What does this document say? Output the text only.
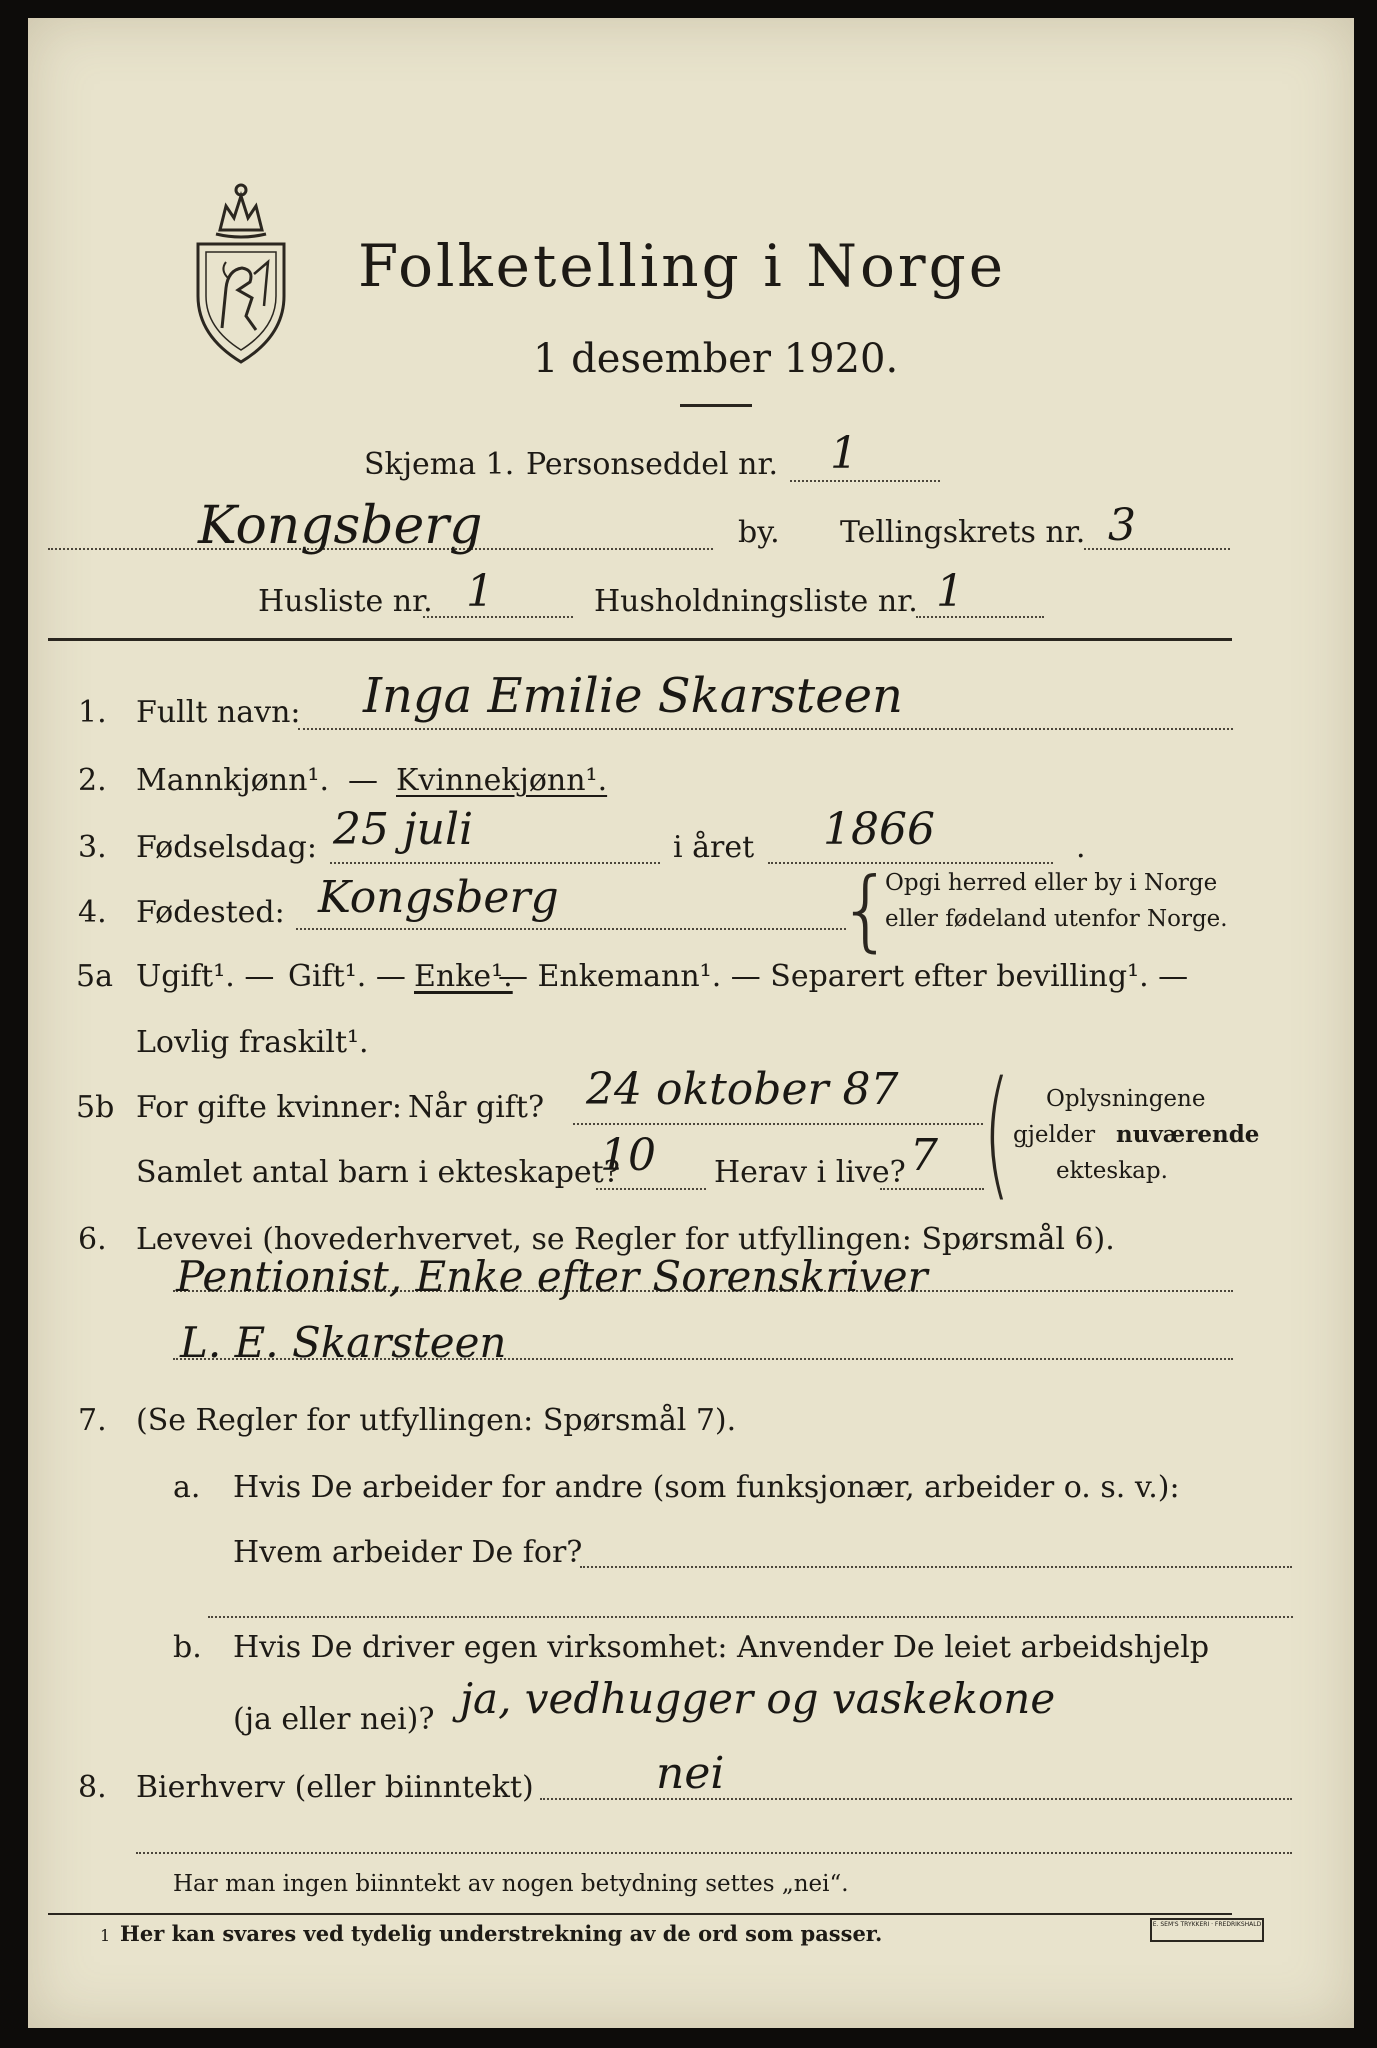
Folketelling i Norge
1 desember 1920.
Skjema 1. Personseddel nr. 1
Kongsberg	by. Tellingskrets nr. 3
Husliste nr. 1	Husholdningsliste nr. 1
1. Fullt navn: Inga Emilie Skarsteen
2. Mannkjønn¹. — Kvinnekjønn¹.
3. Fødselsdag: 25 juli	i året 1866	.
4. Fødested: Kongsberg	{
Opgi herred eller by i Norge
eller fødeland utenfor Norge.
5a Ugift¹. — Gift¹. — Enke¹.
— Enkemann¹. — Separert efter bevilling¹. —
Lovlig fraskilt¹.
5b For gifte kvinner: Når gift? 24 oktober 87
Samlet antal barn i ekteskapet?
10 Herav i live? 7 ( Oplysningene
gjelder nuværende
ekteskap.
6. Levevei (hovederhvervet, se Regler for utfyllingen: Spørsmål 6).
Pentionist, Enke efter Sorenskriver
L. E. Skarsteen
7. (Se Regler for utfyllingen: Spørsmål 7).
a. Hvis De arbeider for andre (som funksjonær, arbeider o. s. v.):
Hvem arbeider De for?
b. Hvis De driver egen virksomhet: Anvender De leiet arbeidshjelp
(ja eller nei)? ja, vedhugger og vaskekone
8. Bierhverv (eller biinntekt)	nei
Har man ingen biinntekt av nogen betydning settes „nei“.
1 Her kan svares ved tydelig understrekning av de ord som passer.	E. SEM'S TRYKKERI · FREDRIKSHALD
